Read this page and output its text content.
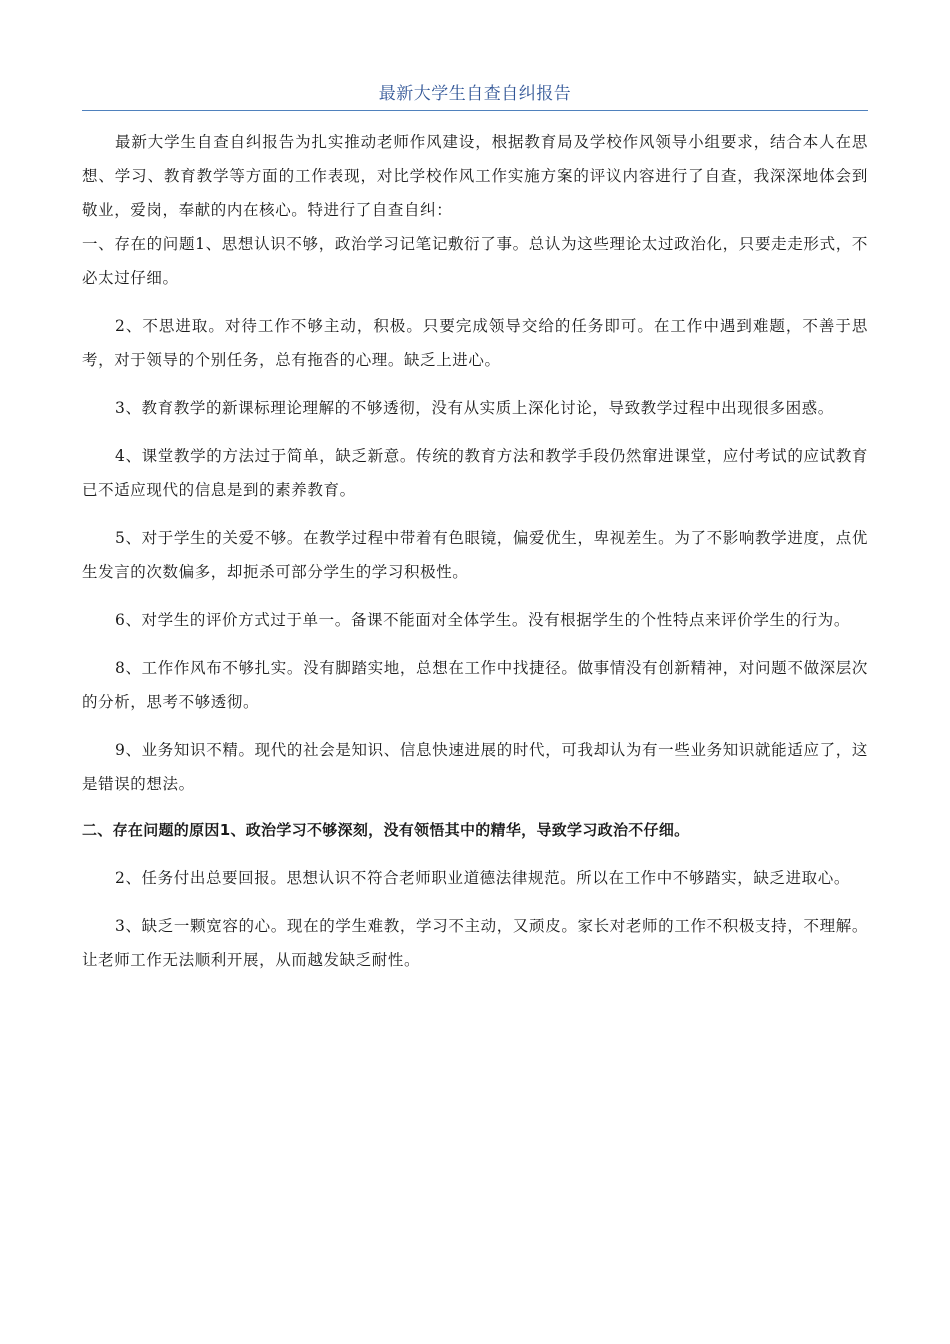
最新大学生自查自纠报告

最新大学生自查自纠报告为扎实推动老师作风建设，根据教育局及学校作风领导小组要求，结合本人在思想、学习、教育教学等方面的工作表现，对比学校作风工作实施方案的评议内容进行了自查，我深深地体会到敬业，爱岗，奉献的内在核心。特进行了自查自纠：

一、存在的问题1、思想认识不够，政治学习记笔记敷衍了事。总认为这些理论太过政治化，只要走走形式，不必太过仔细。

2、不思进取。对待工作不够主动，积极。只要完成领导交给的任务即可。在工作中遇到难题，不善于思考，对于领导的个别任务，总有拖沓的心理。缺乏上进心。

3、教育教学的新课标理论理解的不够透彻，没有从实质上深化讨论，导致教学过程中出现很多困惑。

4、课堂教学的方法过于简单，缺乏新意。传统的教育方法和教学手段仍然窜进课堂，应付考试的应试教育已不适应现代的信息是到的素养教育。

5、对于学生的关爱不够。在教学过程中带着有色眼镜，偏爱优生，卑视差生。为了不影响教学进度，点优生发言的次数偏多，却扼杀可部分学生的学习积极性。

6、对学生的评价方式过于单一。备课不能面对全体学生。没有根据学生的个性特点来评价学生的行为。

8、工作作风布不够扎实。没有脚踏实地，总想在工作中找捷径。做事情没有创新精神，对问题不做深层次的分析，思考不够透彻。

9、业务知识不精。现代的社会是知识、信息快速进展的时代，可我却认为有一些业务知识就能适应了，这是错误的想法。

二、存在问题的原因1、政治学习不够深刻，没有领悟其中的精华，导致学习政治不仔细。

2、任务付出总要回报。思想认识不符合老师职业道德法律规范。所以在工作中不够踏实，缺乏进取心。

3、缺乏一颗宽容的心。现在的学生难教，学习不主动，又顽皮。家长对老师的工作不积极支持，不理解。让老师工作无法顺利开展，从而越发缺乏耐性。
